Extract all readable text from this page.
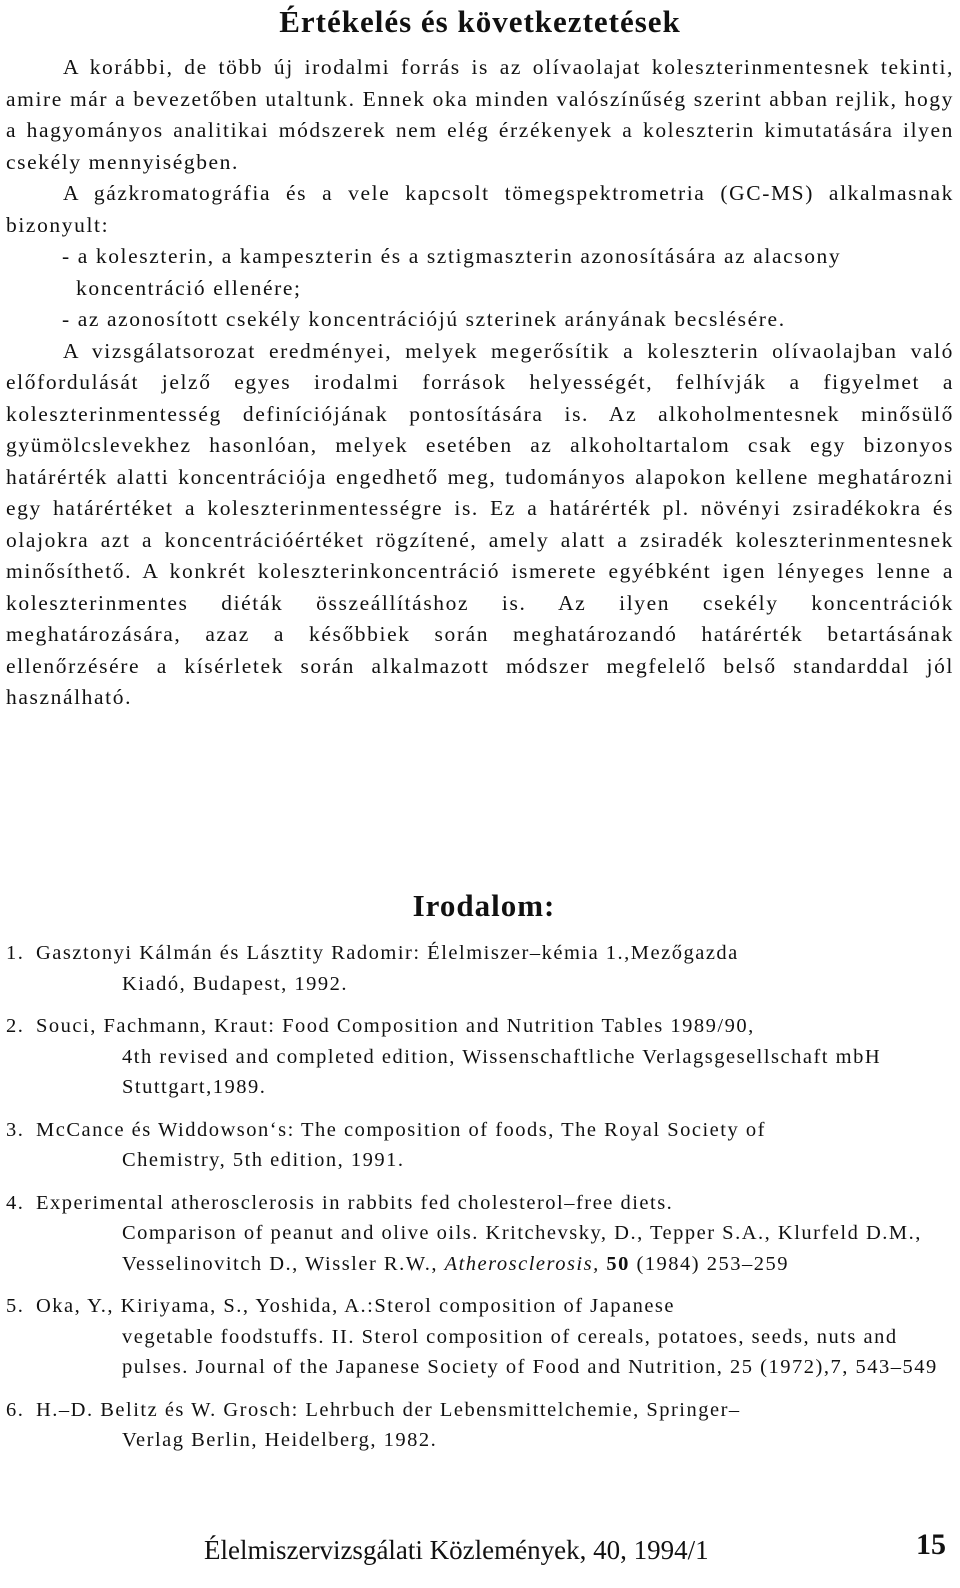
Értékelés és következtetések

A korábbi, de több új irodalmi forrás is az olívaolajat koleszterinmentesnek tekinti, amire már a bevezetőben utaltunk. Ennek oka minden valószínűség szerint abban rejlik, hogy a hagyományos analitikai módszerek nem elég érzékenyek a koleszterin kimutatására ilyen csekély mennyiségben.

A gázkromatográfia és a vele kapcsolt tömegspektrometria (GC-MS) alkalmasnak bizonyult:

- a koleszterin, a kampeszterin és a sztigmaszterin azonosítására az alacsony koncentráció ellenére;
- az azonosított csekély koncentrációjú szterinek arányának becslésére.

A vizsgálatsorozat eredményei, melyek megerősítik a koleszterin olívaolajban való előfordulását jelző egyes irodalmi források helyességét, felhívják a figyelmet a koleszterinmentesség definíciójának pontosítására is. Az alkoholmentesnek minősülő gyümölcslevekhez hasonlóan, melyek esetében az alkoholtartalom csak egy bizonyos határérték alatti koncentrációja engedhető meg, tudományos alapokon kellene meghatározni egy határértéket a koleszterinmentességre is. Ez a határérték pl. növényi zsiradékokra és olajokra azt a koncentrációértéket rögzítené, amely alatt a zsiradék koleszterinmentesnek minősíthető. A konkrét koleszterinkoncentráció ismerete egyébként igen lényeges lenne a koleszterinmentes diéták összeállításhoz is. Az ilyen csekély koncentrációk meghatározására, azaz a későbbiek során meghatározandó határérték betartásának ellenőrzésére a kísérletek során alkalmazott módszer megfelelő belső standarddal jól használható.

Irodalom:
1. Gasztonyi Kálmán és Lásztity Radomir: Élelmiszer–kémia 1.,Mezőgazda
Kiadó, Budapest, 1992.
2. Souci, Fachmann, Kraut: Food Composition and Nutrition Tables 1989/90,
4th revised and completed edition, Wissenschaftliche Verlagsgesellschaft mbH Stuttgart,1989.
3. McCance és Widdowson‘s: The composition of foods, The Royal Society of
Chemistry, 5th edition, 1991.
4. Experimental atherosclerosis in rabbits fed cholesterol–free diets.
Comparison of peanut and olive oils. Kritchevsky, D., Tepper S.A., Klurfeld D.M., Vesselinovitch D., Wissler R.W., Atherosclerosis, 50 (1984) 253–259
5. Oka, Y., Kiriyama, S., Yoshida, A.:Sterol composition of Japanese
vegetable foodstuffs. II. Sterol composition of cereals, potatoes, seeds, nuts and pulses. Journal of the Japanese Society of Food and Nutrition, 25 (1972),7, 543–549
6. H.–D. Belitz és W. Grosch: Lehrbuch der Lebensmittelchemie, Springer–
Verlag Berlin, Heidelberg, 1982.
Élelmiszervizsgálati Közlemények, 40, 1994/1	15
